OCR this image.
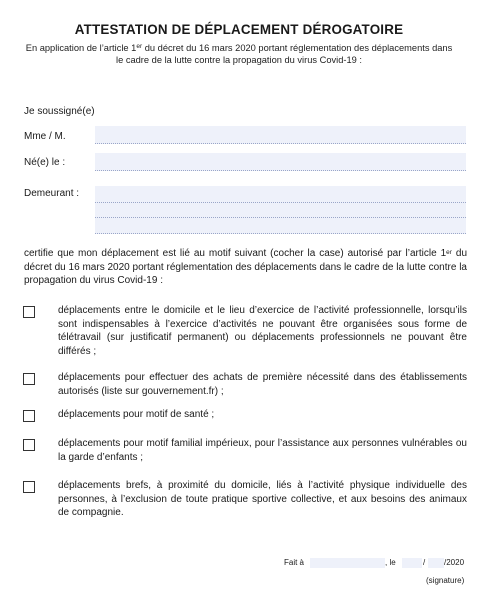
ATTESTATION DE DÉPLACEMENT DÉROGATOIRE
En application de l’article 1er du décret du 16 mars 2020 portant réglementation des déplacements dans le cadre de la lutte contre la propagation du virus Covid-19 :
Je soussigné(e)
Mme / M.
Né(e) le :
Demeurant :
certifie que mon déplacement est lié au motif suivant (cocher la case) autorisé par l’article 1er du décret du 16 mars 2020 portant réglementation des déplacements dans le cadre de la lutte contre la propagation du virus Covid-19 :
déplacements entre le domicile et le lieu d’exercice de l’activité professionnelle, lorsqu’ils sont indispensables à l’exercice d’activités ne pouvant être organisées sous forme de télétravail (sur justificatif permanent) ou déplacements professionnels ne pouvant être différés ;
déplacements pour effectuer des achats de première nécessité dans des établissements autorisés (liste sur gouvernement.fr) ;
déplacements pour motif de santé ;
déplacements pour motif familial impérieux, pour l’assistance aux personnes vulnérables ou la garde d’enfants ;
déplacements brefs, à proximité du domicile, liés à l’activité physique individuelle des personnes, à l’exclusion de toute pratique sportive collective, et aux besoins des animaux de compagnie.
Fait à	, le	/ /2020
(signature)
